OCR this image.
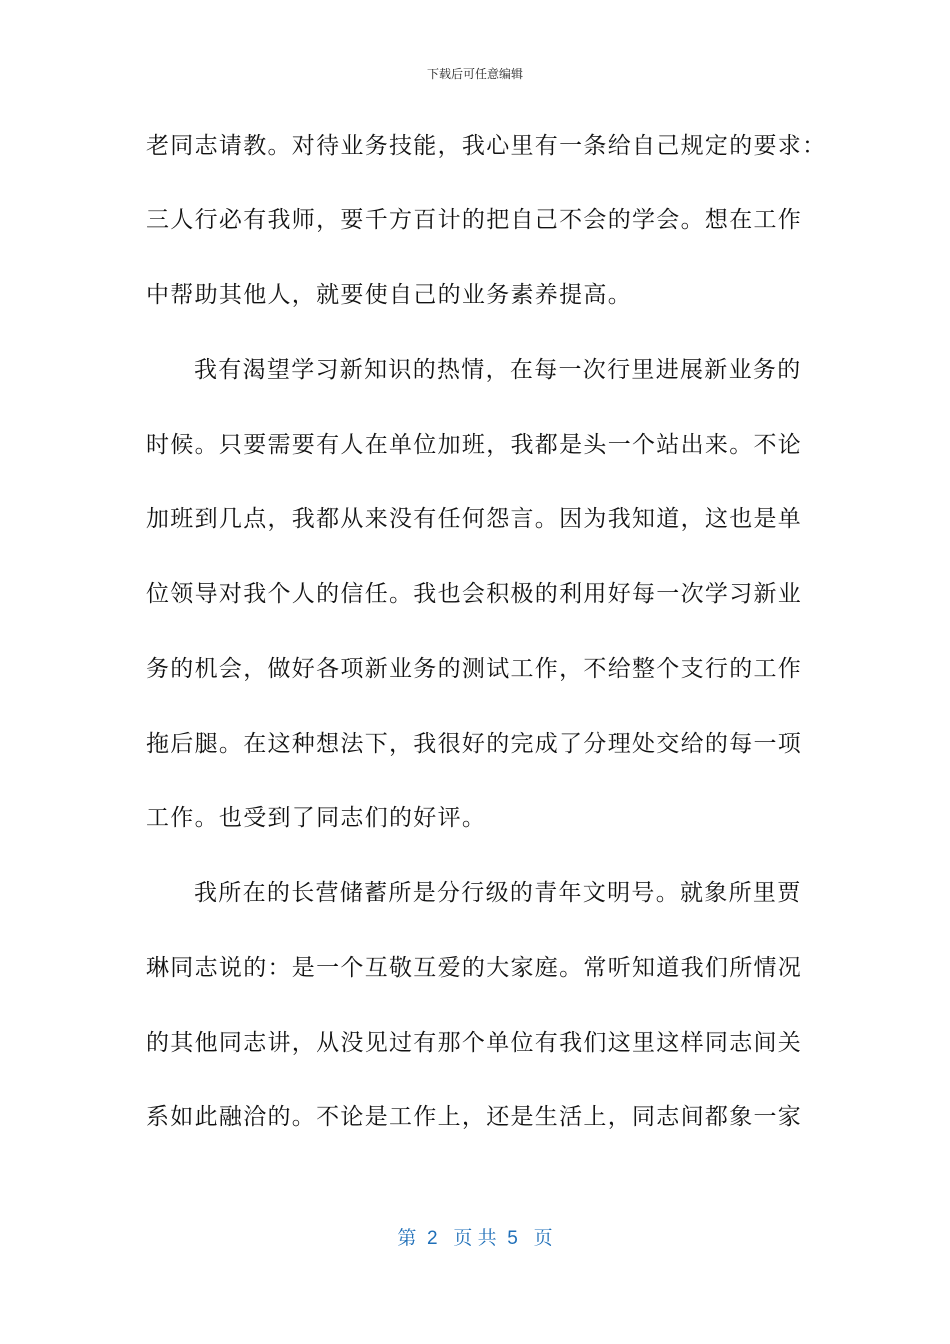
下载后可任意编辑
老同志请教。对待业务技能，我心里有一条给自己规定的要求：
三人行必有我师，要千方百计的把自己不会的学会。想在工作
中帮助其他人，就要使自己的业务素养提高。
我有渴望学习新知识的热情，在每一次行里进展新业务的
时候。只要需要有人在单位加班，我都是头一个站出来。不论
加班到几点，我都从来没有任何怨言。因为我知道，这也是单
位领导对我个人的信任。我也会积极的利用好每一次学习新业
务的机会，做好各项新业务的测试工作，不给整个支行的工作
拖后腿。在这种想法下，我很好的完成了分理处交给的每一项
工作。也受到了同志们的好评。
我所在的长营储蓄所是分行级的青年文明号。就象所里贾
琳同志说的：是一个互敬互爱的大家庭。常听知道我们所情况
的其他同志讲，从没见过有那个单位有我们这里这样同志间关
系如此融洽的。不论是工作上，还是生活上，同志间都象一家
第  2   页 共  5   页
